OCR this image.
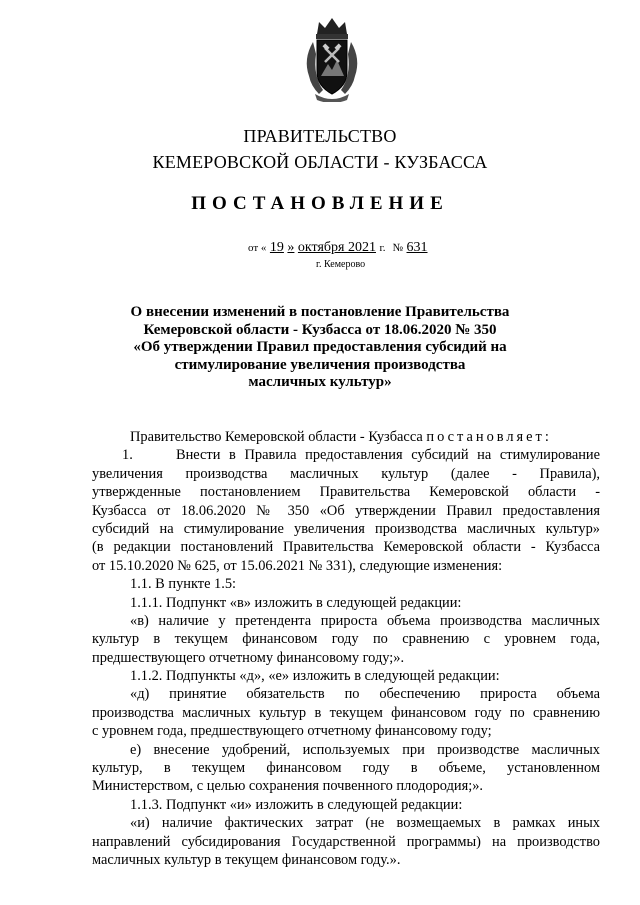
ПРАВИТЕЛЬСТВО
КЕМЕРОВСКОЙ ОБЛАСТИ - КУЗБАССА
ПОСТАНОВЛЕНИЕ
от « 19 » октября 2021 г. № 631
г. Кемерово
О внесении изменений в постановление Правительства
Кемеровской области - Кузбасса от 18.06.2020 № 350
«Об утверждении Правил предоставления субсидий на
стимулирование увеличения производства
масличных культур»
Правительство Кемеровской области - Кузбасса постановляет:
1.	Внести в Правила предоставления субсидий на стимулирование
увеличения производства масличных культур (далее - Правила),
утвержденные постановлением Правительства Кемеровской области -
Кузбасса от 18.06.2020 № 350 «Об утверждении Правил предоставления
субсидий на стимулирование увеличения производства масличных культур»
(в редакции постановлений Правительства Кемеровской области - Кузбасса
от 15.10.2020 № 625, от 15.06.2021 № 331), следующие изменения:
1.1. В пункте 1.5:
1.1.1. Подпункт «в» изложить в следующей редакции:
«в) наличие у претендента прироста объема производства масличных
культур в текущем финансовом году по сравнению с уровнем года,
предшествующего отчетному финансовому году;».
1.1.2. Подпункты «д», «е» изложить в следующей редакции:
«д) принятие обязательств по обеспечению прироста объема
производства масличных культур в текущем финансовом году по сравнению
с уровнем года, предшествующего отчетному финансовому году;
е) внесение удобрений, используемых при производстве масличных
культур, в текущем финансовом году в объеме, установленном
Министерством, с целью сохранения почвенного плодородия;».
1.1.3. Подпункт «и» изложить в следующей редакции:
«и) наличие фактических затрат (не возмещаемых в рамках иных
направлений субсидирования Государственной программы) на производство
масличных культур в текущем финансовом году.».
